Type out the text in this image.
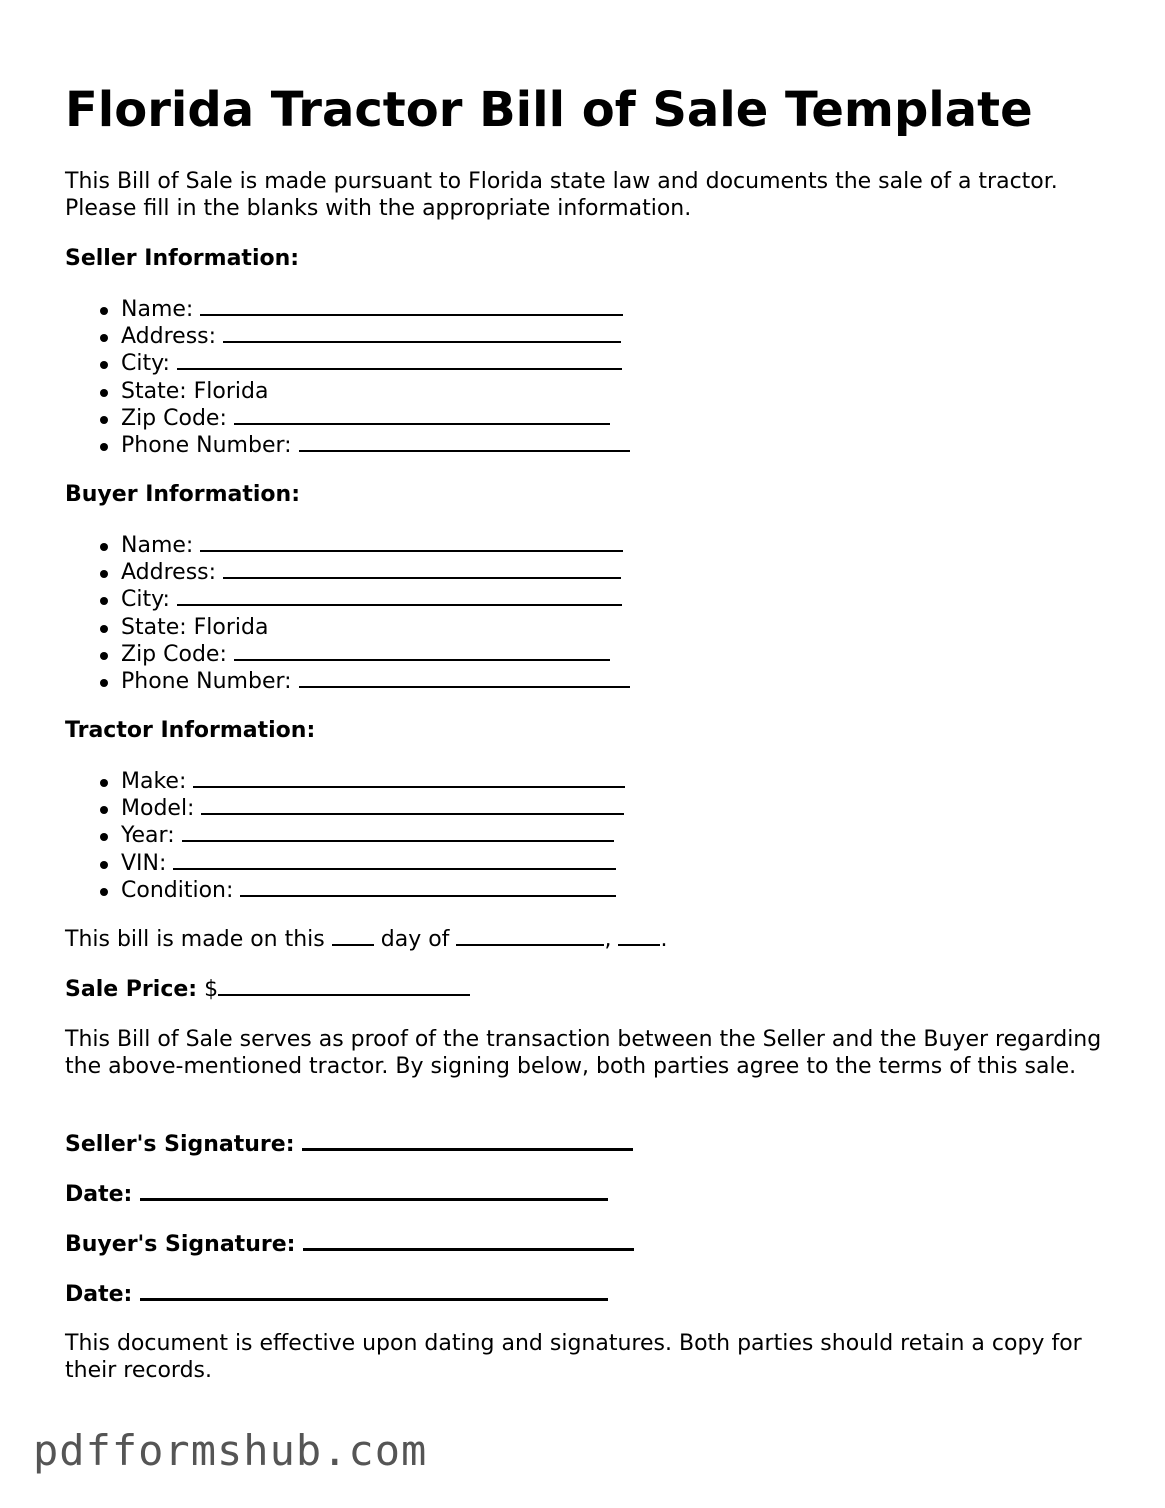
Florida Tractor Bill of Sale Template

This Bill of Sale is made pursuant to Florida state law and documents the sale of a tractor. Please fill in the blanks with the appropriate information.

Seller Information:

Name:
Address:
City:
State: Florida
Zip Code:
Phone Number:

Buyer Information:

Name:
Address:
City:
State: Florida
Zip Code:
Phone Number:

Tractor Information:

Make:
Model:
Year:
VIN:
Condition:

This bill is made on this	day of	, .

Sale Price: $

This Bill of Sale serves as proof of the transaction between the Seller and the Buyer regarding the above-mentioned tractor. By signing below, both parties agree to the terms of this sale.

Seller's Signature:

Date:

Buyer's Signature:

Date:

This document is effective upon dating and signatures. Both parties should retain a copy for their records.

pdfformshub.com
